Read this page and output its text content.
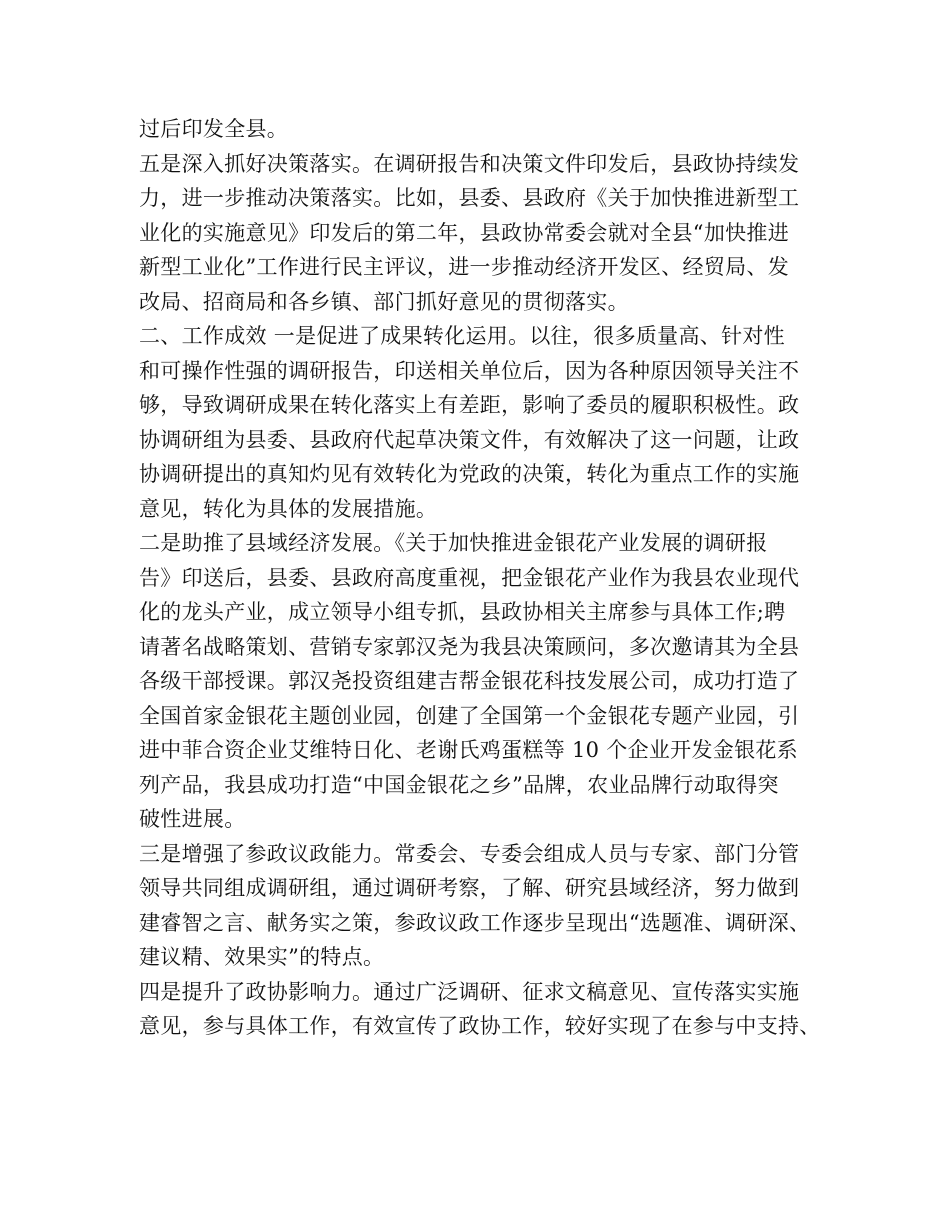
过后印发全县。
五是深入抓好决策落实。在调研报告和决策文件印发后，县政协持续发
力，进一步推动决策落实。比如，县委、县政府《关于加快推进新型工
业化的实施意见》印发后的第二年，县政协常委会就对全县“加快推进
新型工业化”工作进行民主评议，进一步推动经济开发区、经贸局、发
改局、招商局和各乡镇、部门抓好意见的贯彻落实。
二、工作成效 一是促进了成果转化运用。以往，很多质量高、针对性
和可操作性强的调研报告，印送相关单位后，因为各种原因领导关注不
够，导致调研成果在转化落实上有差距，影响了委员的履职积极性。政
协调研组为县委、县政府代起草决策文件，有效解决了这一问题，让政
协调研提出的真知灼见有效转化为党政的决策，转化为重点工作的实施
意见，转化为具体的发展措施。
二是助推了县域经济发展。《关于加快推进金银花产业发展的调研报
告》印送后，县委、县政府高度重视，把金银花产业作为我县农业现代
化的龙头产业，成立领导小组专抓，县政协相关主席参与具体工作;聘
请著名战略策划、营销专家郭汉尧为我县决策顾问，多次邀请其为全县
各级干部授课。郭汉尧投资组建吉帮金银花科技发展公司，成功打造了
全国首家金银花主题创业园，创建了全国第一个金银花专题产业园，引
进中菲合资企业艾维特日化、老谢氏鸡蛋糕等 10 个企业开发金银花系
列产品，我县成功打造“中国金银花之乡”品牌，农业品牌行动取得突
破性进展。
三是增强了参政议政能力。常委会、专委会组成人员与专家、部门分管
领导共同组成调研组，通过调研考察，了解、研究县域经济，努力做到
建睿智之言、献务实之策，参政议政工作逐步呈现出“选题准、调研深、
建议精、效果实”的特点。
四是提升了政协影响力。通过广泛调研、征求文稿意见、宣传落实实施
意见，参与具体工作，有效宣传了政协工作，较好实现了在参与中支持、
